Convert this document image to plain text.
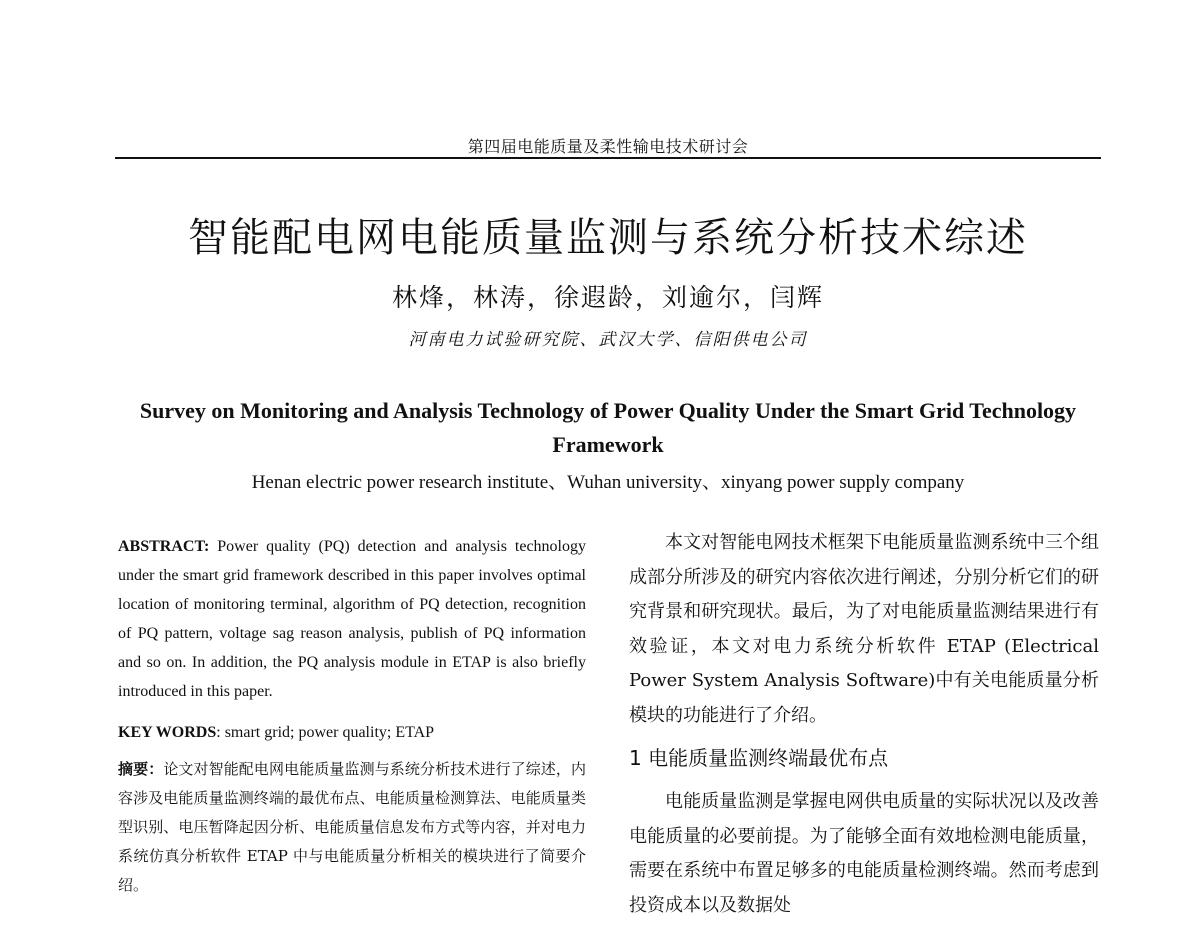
第四届电能质量及柔性输电技术研讨会
智能配电网电能质量监测与系统分析技术综述
林烽，林涛，徐遐龄，刘逾尔，闫辉
河南电力试验研究院、武汉大学、信阳供电公司
Survey on Monitoring and Analysis Technology of Power Quality Under the Smart Grid Technology Framework
Henan electric power research institute、Wuhan university、xinyang power supply company

ABSTRACT: Power quality (PQ) detection and analysis technology under the smart grid framework described in this paper involves optimal location of monitoring terminal, algorithm of PQ detection, recognition of PQ pattern, voltage sag reason analysis, publish of PQ information and so on. In addition, the PQ analysis module in ETAP is also briefly introduced in this paper.

KEY WORDS: smart grid; power quality; ETAP

摘要：论文对智能配电网电能质量监测与系统分析技术进行了综述，内容涉及电能质量监测终端的最优布点、电能质量检测算法、电能质量类型识别、电压暂降起因分析、电能质量信息发布方式等内容，并对电力系统仿真分析软件 ETAP 中与电能质量分析相关的模块进行了简要介绍。

本文对智能电网技术框架下电能质量监测系统中三个组成部分所涉及的研究内容依次进行阐述，分别分析它们的研究背景和研究现状。最后，为了对电能质量监测结果进行有效验证，本文对电力系统分析软件 ETAP (Electrical Power System Analysis Software)中有关电能质量分析模块的功能进行了介绍。

1 电能质量监测终端最优布点

电能质量监测是掌握电网供电质量的实际状况以及改善电能质量的必要前提。为了能够全面有效地检测电能质量，需要在系统中布置足够多的电能质量检测终端。然而考虑到投资成本以及数据处
